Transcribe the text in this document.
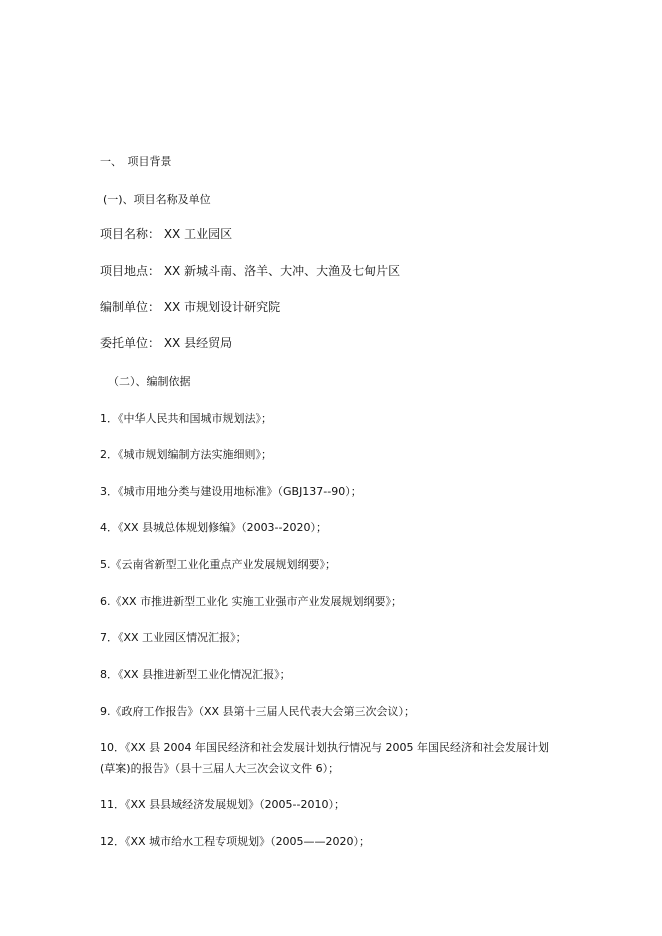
一、　项目背景
(一)、项目名称及单位
项目名称： XX 工业园区
项目地点： XX 新城斗南、洛羊、大冲、大渔及七甸片区
编制单位： XX 市规划设计研究院
委托单位： XX 县经贸局
（二）、编制依据
1．《中华人民共和国城市规划法》；
2．《城市规划编制方法实施细则》；
3．《城市用地分类与建设用地标准》（GBJ137--90）；
4．《XX 县城总体规划修编》（2003--2020）；
5.《云南省新型工业化重点产业发展规划纲要》；
6.《XX 市推进新型工业化 实施工业强市产业发展规划纲要》；
7．《XX 工业园区情况汇报》；
8．《XX 县推进新型工业化情况汇报》；
9.《政府工作报告》（XX 县第十三届人民代表大会第三次会议）；
10．《XX 县 2004 年国民经济和社会发展计划执行情况与 2005 年国民经济和社会发展计划
(草案)的报告》（县十三届人大三次会议文件 6）；
11．《XX 县县域经济发展规划》（2005--2010）；
12．《XX 城市给水工程专项规划》（2005——2020）；
